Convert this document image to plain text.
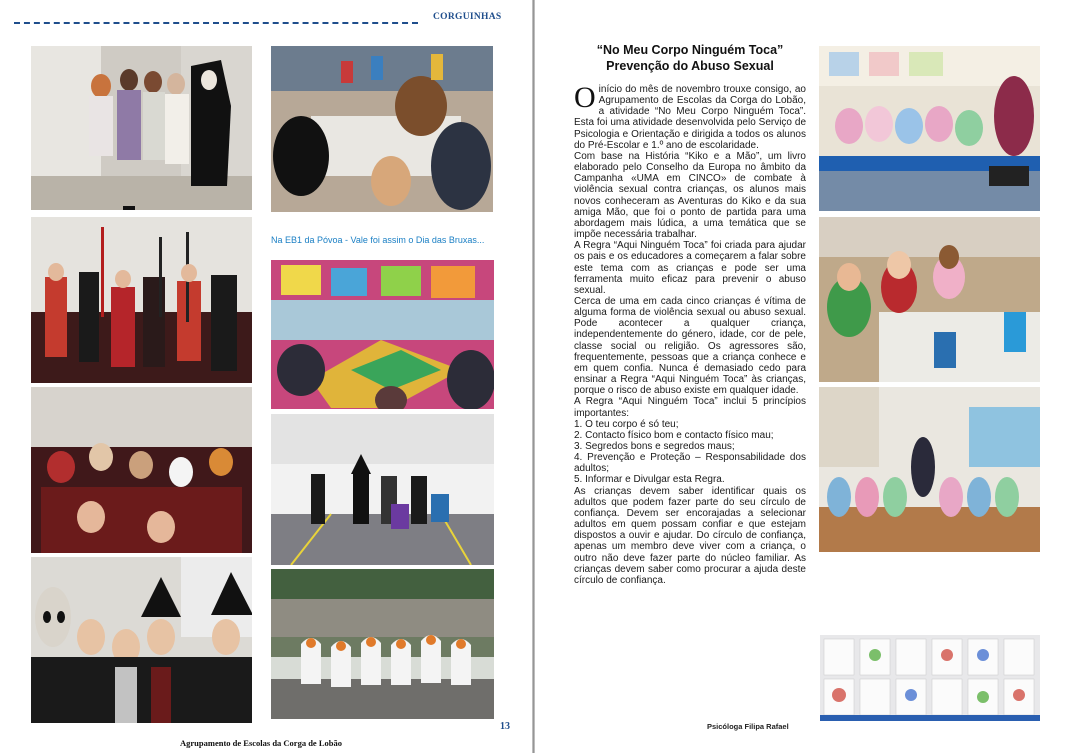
CORGUINHAS
Na EB1 da Póvoa - Vale foi assim o Dia das Bruxas...
13
Agrupamento de Escolas da Corga de Lobão
“No Meu Corpo Ninguém Toca”
Prevenção do Abuso Sexual

O início do mês de novembro trouxe consigo, ao Agrupamento de Escolas da Corga do Lobão, a atividade “No Meu Corpo Ninguém Toca”. Esta foi uma atividade desenvolvida pelo Serviço de Psicologia e Orientação e dirigida a todos os alunos do Pré-Escolar e 1.º ano de escolaridade.

Com base na História “Kiko e a Mão”, um livro elaborado pelo Conselho da Europa no âmbito da Campanha «UMA em CINCO» de combate à violência sexual contra crianças, os alunos mais novos conheceram as Aventuras do Kiko e da sua amiga Mão, que foi o ponto de partida para uma abordagem mais lúdica, a uma temática que se impõe necessária trabalhar.

A Regra “Aqui Ninguém Toca” foi criada para ajudar os pais e os educadores a começarem a falar sobre este tema com as crianças e pode ser uma ferramenta muito eficaz para prevenir o abuso sexual.

Cerca de uma em cada cinco crianças é vítima de alguma forma de violência sexual ou abuso sexual. Pode acontecer a qualquer criança, independentemente do género, idade, cor de pele, classe social ou religião. Os agressores são, frequentemente, pessoas que a criança conhece e em quem confia. Nunca é demasiado cedo para ensinar a Regra “Aqui Ninguém Toca” às crianças, porque o risco de abuso existe em qualquer idade.

A Regra “Aqui Ninguém Toca” inclui 5 princípios importantes:

1. O teu corpo é só teu;

2. Contacto físico bom e contacto físico mau;

3. Segredos bons e segredos maus;

4. Prevenção e Proteção – Responsabilidade dos adultos;

5. Informar e Divulgar esta Regra.

As crianças devem saber identificar quais os adultos que podem fazer parte do seu círculo de confiança. Devem ser encorajadas a selecionar adultos em quem possam confiar e que estejam dispostos a ouvir e ajudar. Do círculo de confiança, apenas um membro deve viver com a criança, o outro não deve fazer parte do núcleo familiar. As crianças devem saber como procurar a ajuda deste círculo de confiança.

Psicóloga Filipa Rafael
